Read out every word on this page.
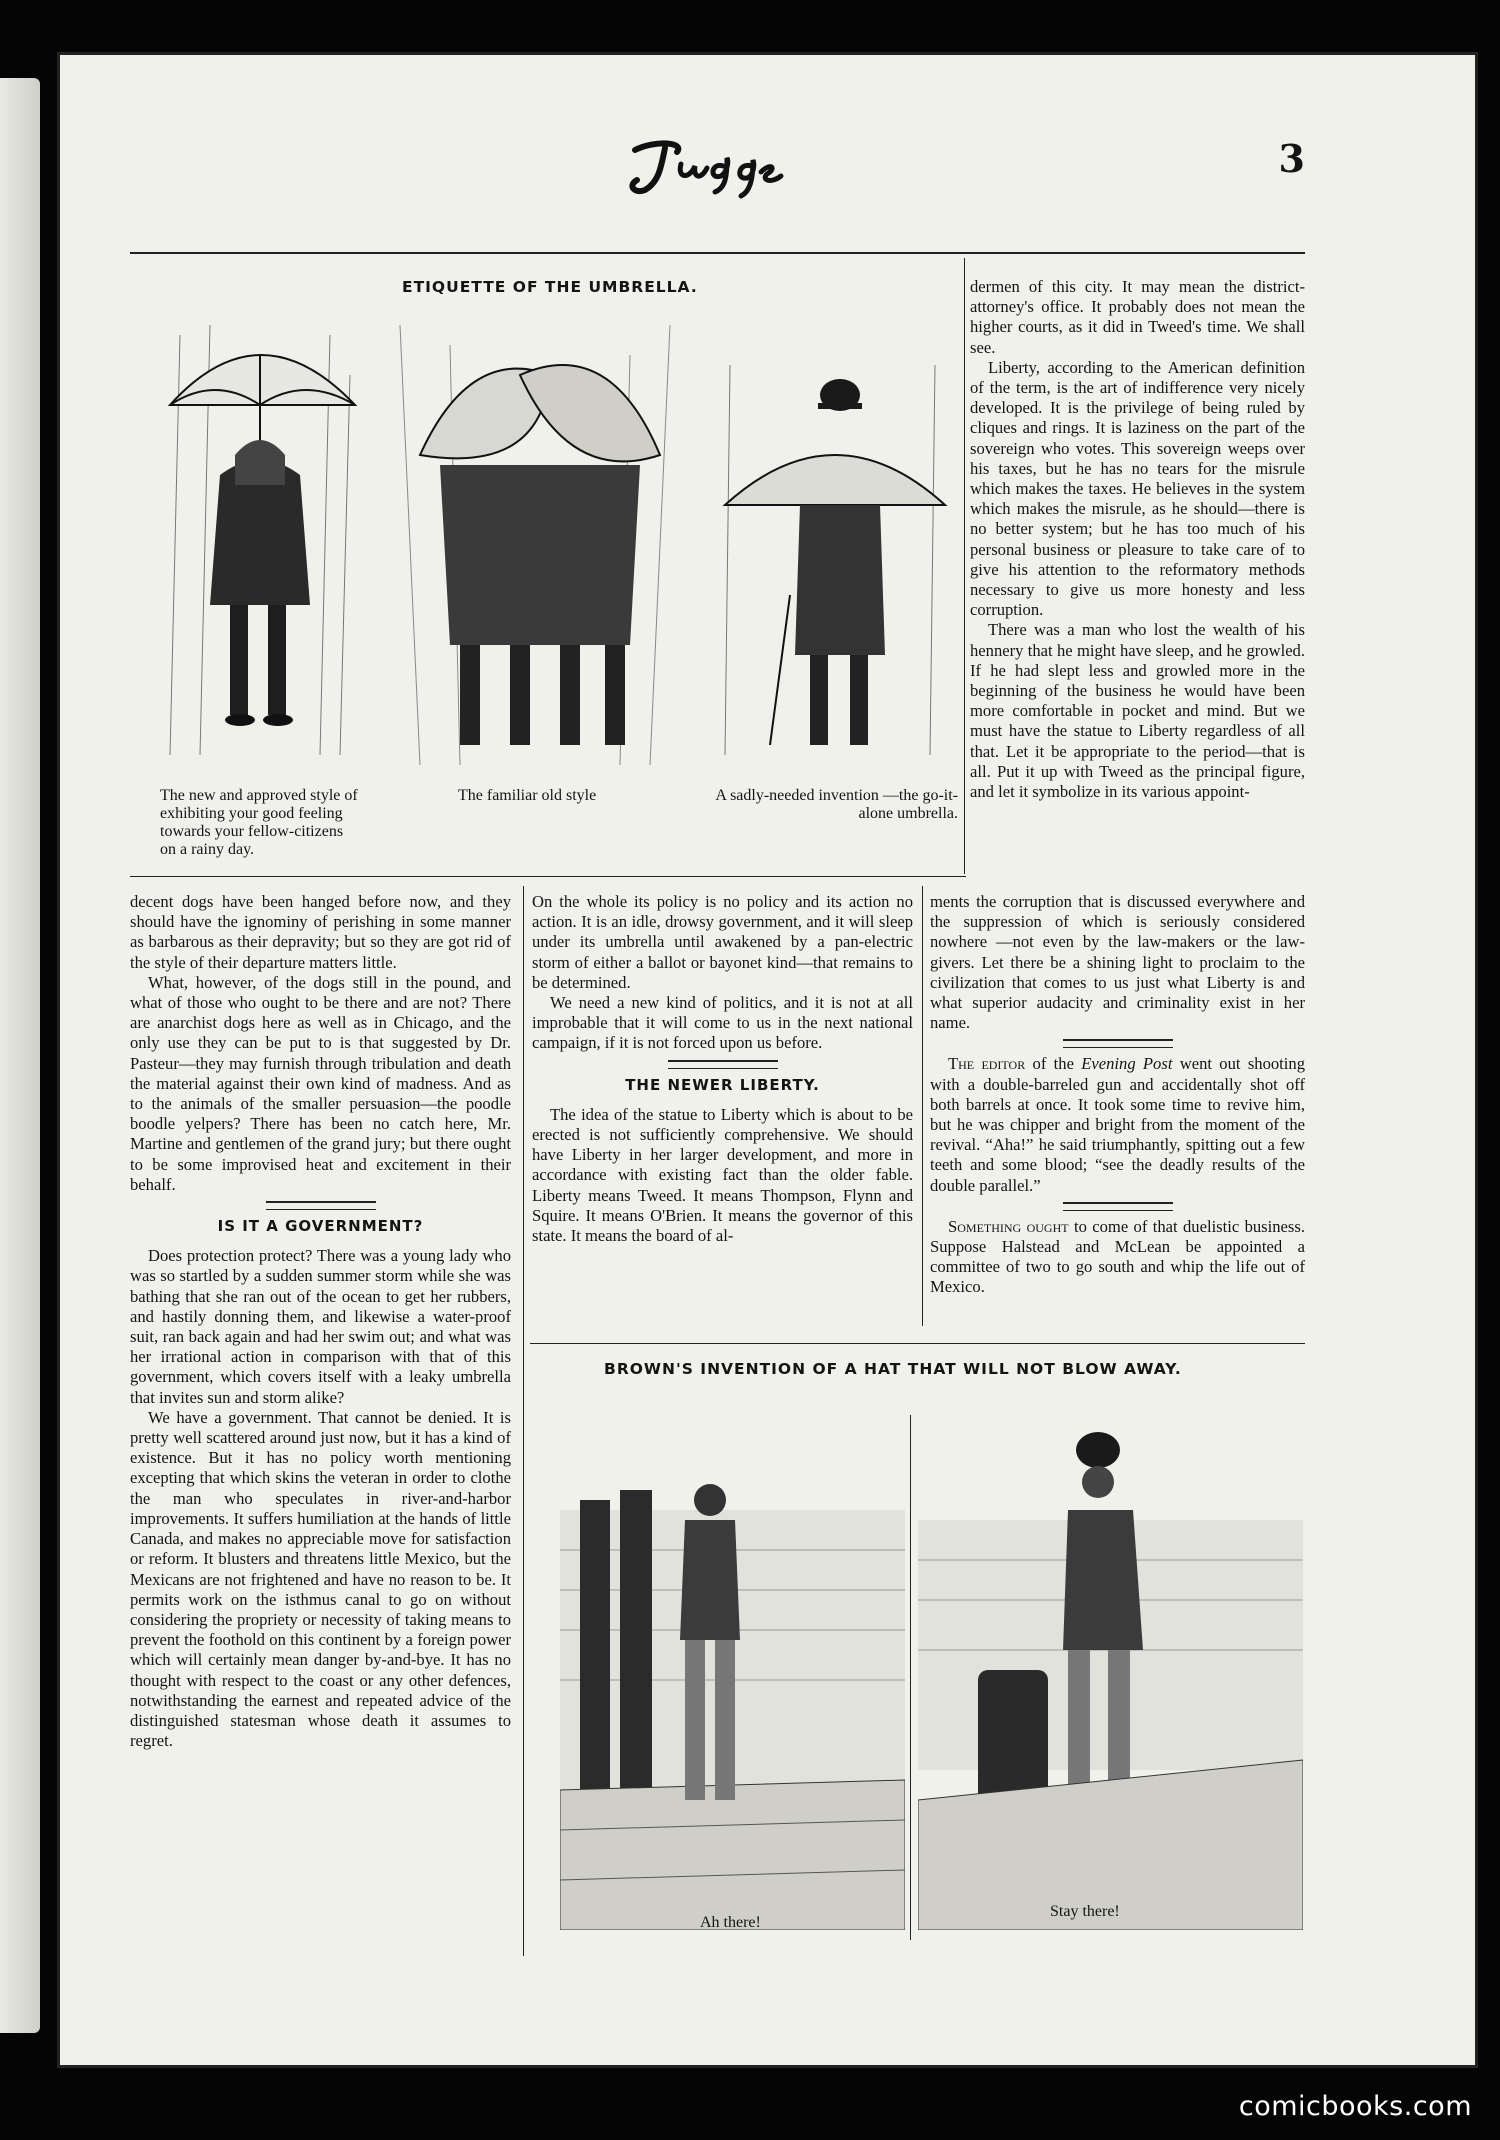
3
ETIQUETTE OF THE UMBRELLA.
The new and approved style of exhibiting your good feeling towards your fellow-citizens on a rainy day.
The familiar old style	A sadly-needed invention —the go-it-alone umbrella.

dermen of this city. It may mean the district-attorney's office. It probably does not mean the higher courts, as it did in Tweed's time. We shall see.

Liberty, according to the American definition of the term, is the art of indifference very nicely developed. It is the privilege of being ruled by cliques and rings. It is laziness on the part of the sovereign who votes. This sovereign weeps over his taxes, but he has no tears for the misrule which makes the taxes. He believes in the system which makes the misrule, as he should—there is no better system; but he has too much of his personal business or pleasure to take care of to give his attention to the reformatory methods necessary to give us more honesty and less corruption.

There was a man who lost the wealth of his hennery that he might have sleep, and he growled. If he had slept less and growled more in the beginning of the business he would have been more comfortable in pocket and mind. But we must have the statue to Liberty regardless of all that. Let it be appropriate to the period—that is all. Put it up with Tweed as the principal figure, and let it symbolize in its various appoint-

decent dogs have been hanged before now, and they should have the ignominy of perishing in some manner as barbarous as their depravity; but so they are got rid of the style of their departure matters little.

What, however, of the dogs still in the pound, and what of those who ought to be there and are not? There are anarchist dogs here as well as in Chicago, and the only use they can be put to is that suggested by Dr. Pasteur—they may furnish through tribulation and death the material against their own kind of madness. And as to the animals of the smaller persuasion—the poodle boodle yelpers? There has been no catch here, Mr. Martine and gentlemen of the grand jury; but there ought to be some improvised heat and excitement in their behalf.

IS IT A GOVERNMENT?

Does protection protect? There was a young lady who was so startled by a sudden summer storm while she was bathing that she ran out of the ocean to get her rubbers, and hastily donning them, and likewise a water-proof suit, ran back again and had her swim out; and what was her irrational action in comparison with that of this government, which covers itself with a leaky umbrella that invites sun and storm alike?

We have a government. That cannot be denied. It is pretty well scattered around just now, but it has a kind of existence. But it has no policy worth mentioning excepting that which skins the veteran in order to clothe the man who speculates in river-and-harbor improvements. It suffers humiliation at the hands of little Canada, and makes no appreciable move for satisfaction or reform. It blusters and threatens little Mexico, but the Mexicans are not frightened and have no reason to be. It permits work on the isthmus canal to go on without considering the propriety or necessity of taking means to prevent the foothold on this continent by a foreign power which will certainly mean danger by-and-bye. It has no thought with respect to the coast or any other defences, notwithstanding the earnest and repeated advice of the distinguished statesman whose death it assumes to regret.

On the whole its policy is no policy and its action no action. It is an idle, drowsy government, and it will sleep under its umbrella until awakened by a pan-electric storm of either a ballot or bayonet kind—that remains to be determined.

We need a new kind of politics, and it is not at all improbable that it will come to us in the next national campaign, if it is not forced upon us before.

THE NEWER LIBERTY.

The idea of the statue to Liberty which is about to be erected is not sufficiently comprehensive. We should have Liberty in her larger development, and more in accordance with existing fact than the older fable. Liberty means Tweed. It means Thompson, Flynn and Squire. It means O'Brien. It means the governor of this state. It means the board of al-

ments the corruption that is discussed everywhere and the suppression of which is seriously considered nowhere —not even by the law-makers or the law-givers. Let there be a shining light to proclaim to the civilization that comes to us just what Liberty is and what superior audacity and criminality exist in her name.

The editor of the Evening Post went out shooting with a double-barreled gun and accidentally shot off both barrels at once. It took some time to revive him, but he was chipper and bright from the moment of the revival. “Aha!” he said triumphantly, spitting out a few teeth and some blood; “see the deadly results of the double parallel.”

Something ought to come of that duelistic business. Suppose Halstead and McLean be appointed a committee of two to go south and whip the life out of Mexico.

BROWN'S INVENTION OF A HAT THAT WILL NOT BLOW AWAY.
Ah there!
Stay there!
comicbooks.com
